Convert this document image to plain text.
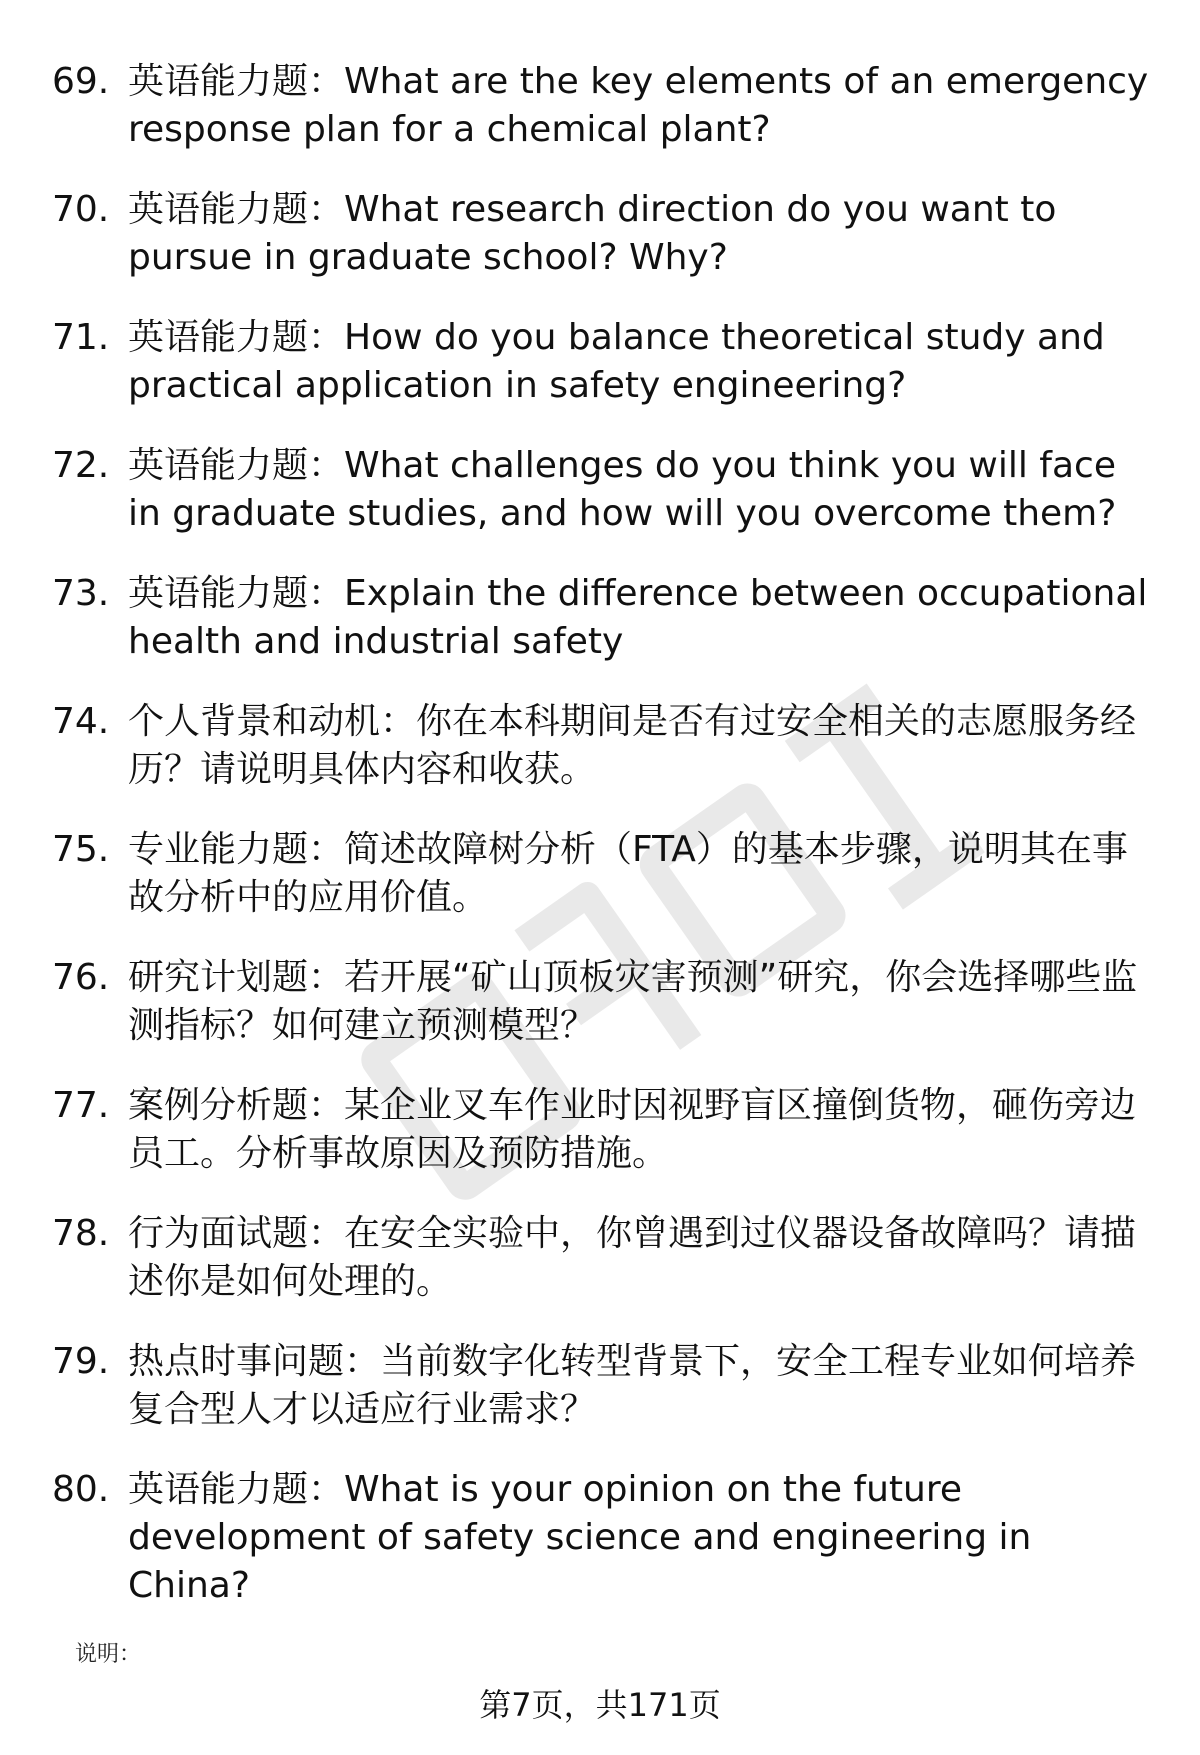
69. 英语能力题：What are the key elements of an emergency response plan for a chemical plant?
70. 英语能力题：What research direction do you want to pursue in graduate school? Why?
71. 英语能力题：How do you balance theoretical study and practical application in safety engineering?
72. 英语能力题：What challenges do you think you will face in graduate studies, and how will you overcome them?
73. 英语能力题：Explain the difference between occupational health and industrial safety
74. 个人背景和动机：你在本科期间是否有过安全相关的志愿服务经历？请说明具体内容和收获。
75. 专业能力题：简述故障树分析（FTA）的基本步骤，说明其在事故分析中的应用价值。
76. 研究计划题：若开展“矿山顶板灾害预测”研究，你会选择哪些监测指标？如何建立预测模型？
77. 案例分析题：某企业叉车作业时因视野盲区撞倒货物，砸伤旁边员工。分析事故原因及预防措施。
78. 行为面试题：在安全实验中，你曾遇到过仪器设备故障吗？请描述你是如何处理的。
79. 热点时事问题：当前数字化转型背景下，安全工程专业如何培养复合型人才以适应行业需求？
80. 英语能力题：What is your opinion on the future development of safety science and engineering in China?
说明：
第7页，共171页
